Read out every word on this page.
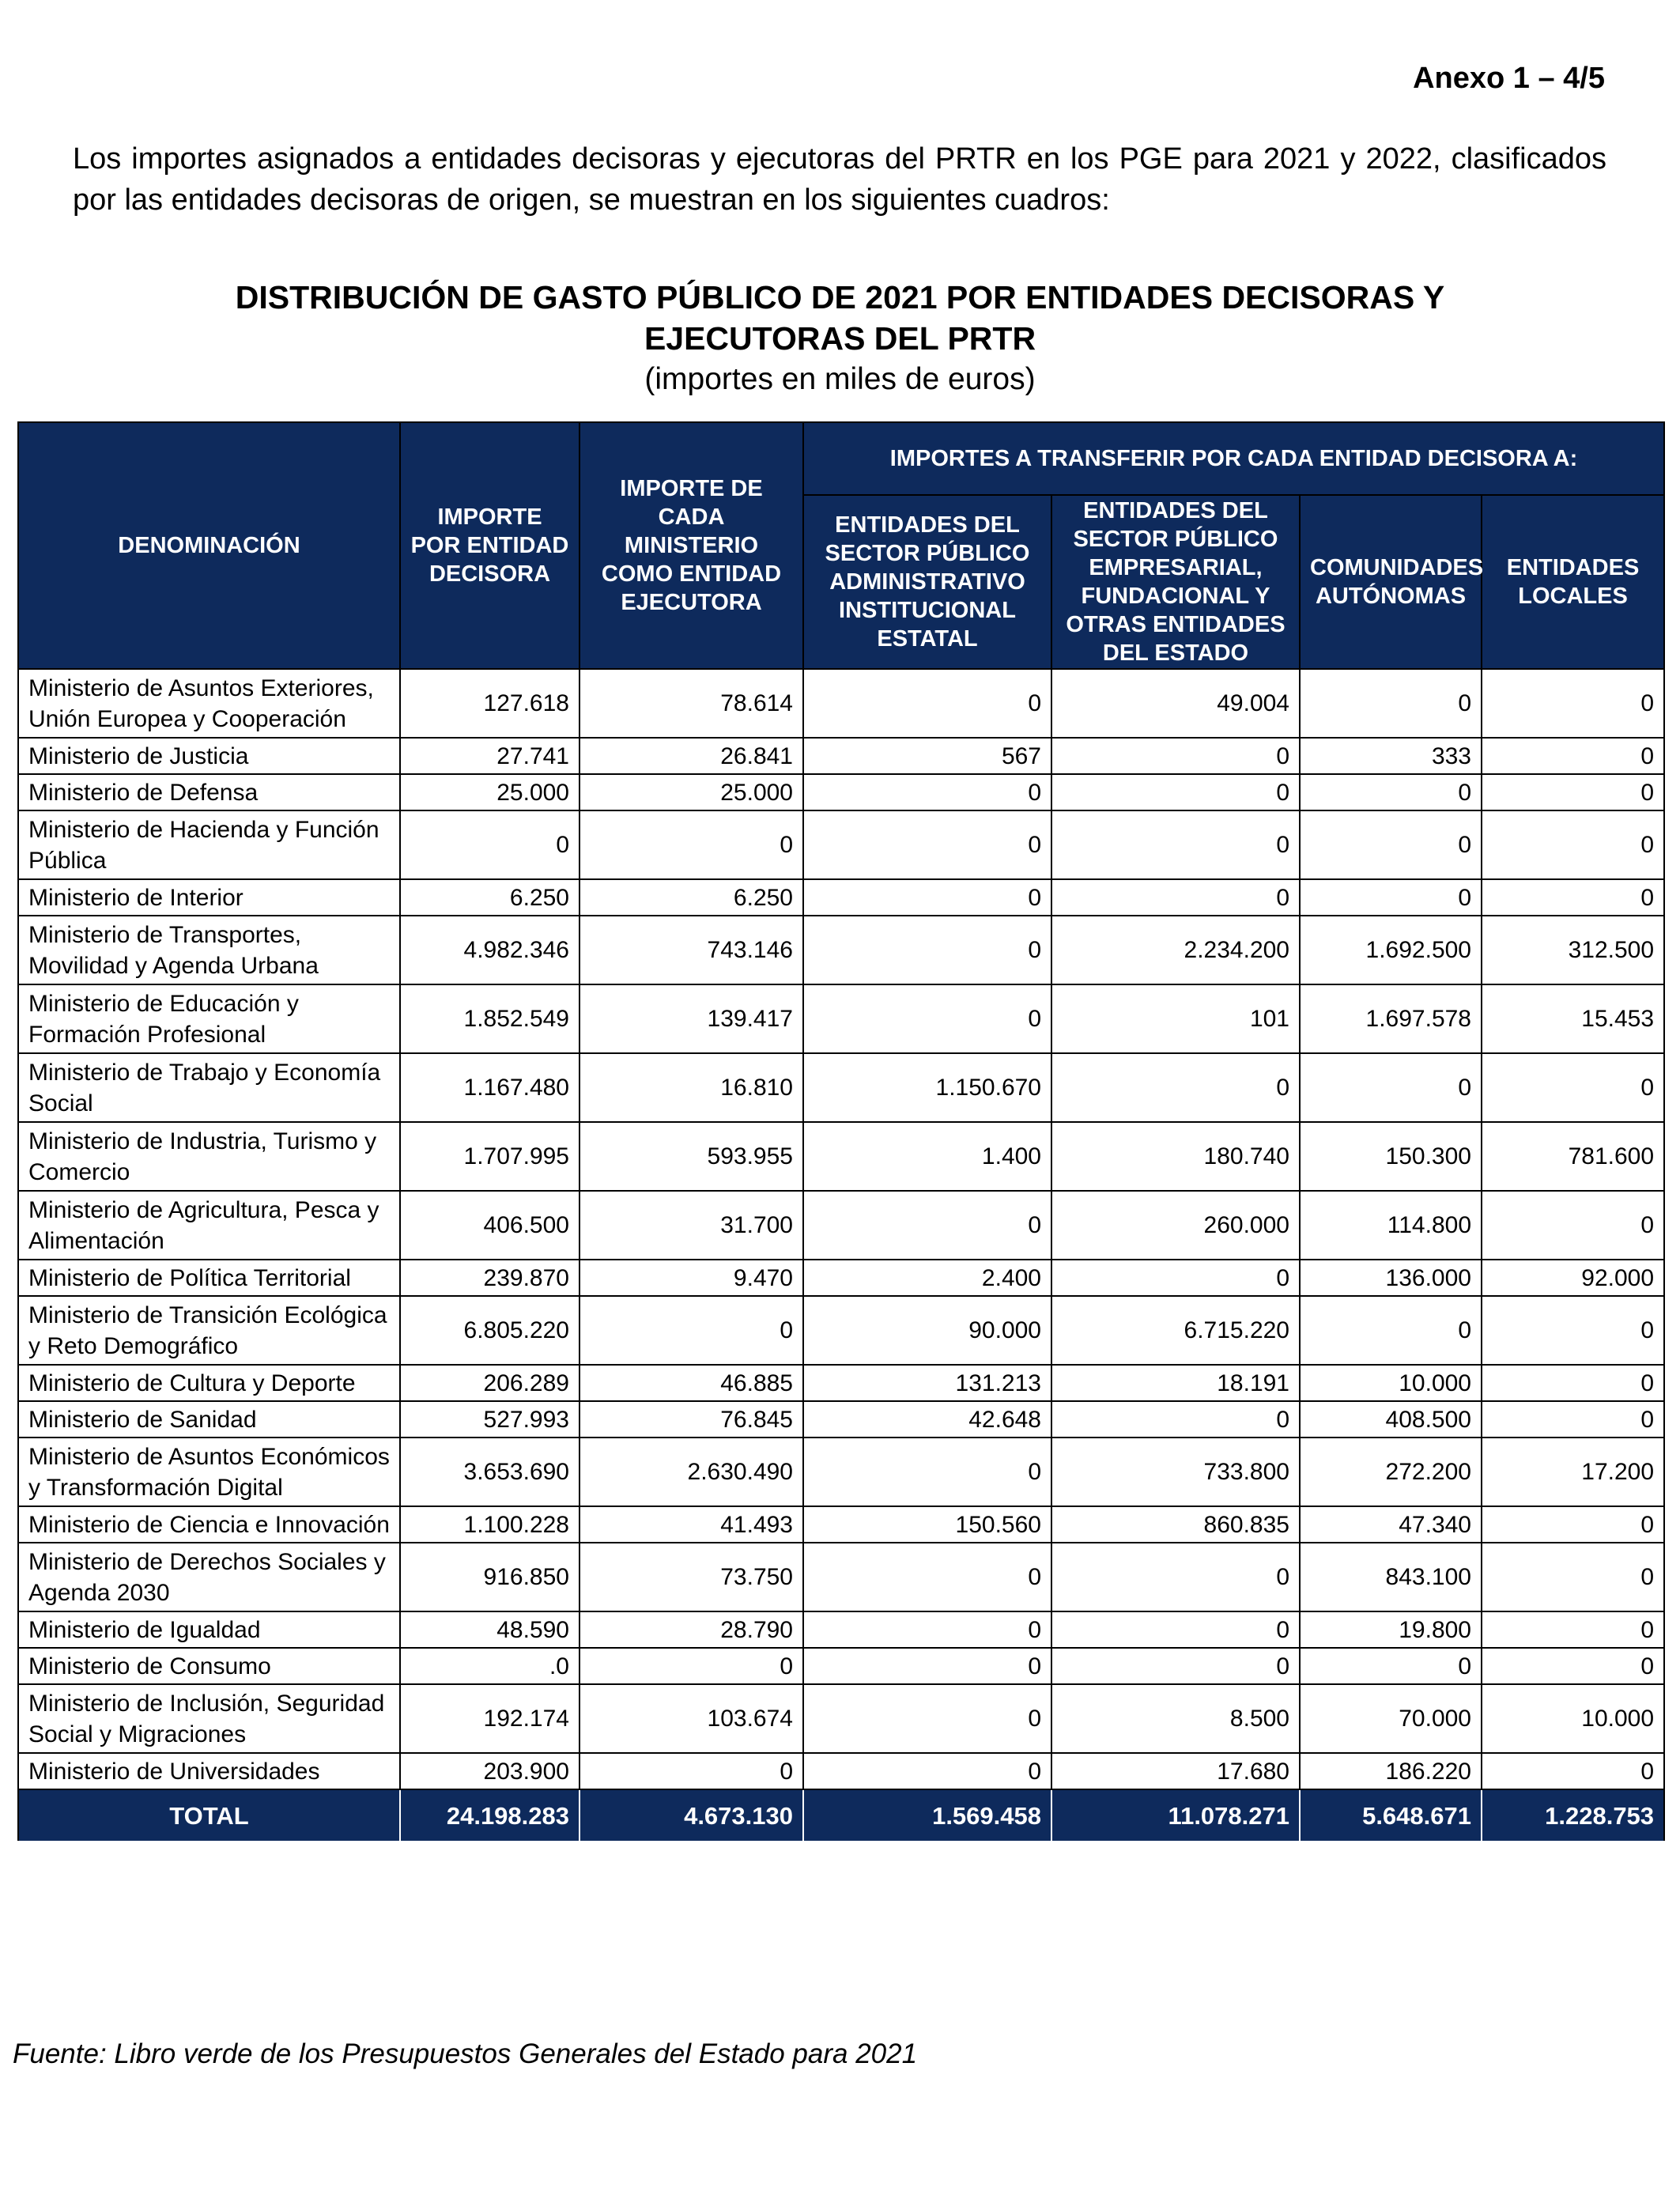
Anexo 1 – 4/5

Los importes asignados a entidades decisoras y ejecutoras del PRTR en los PGE para 2021 y 2022, clasificados por las entidades decisoras de origen, se muestran en los siguientes cuadros:

DISTRIBUCIÓN DE GASTO PÚBLICO DE 2021 POR ENTIDADES DECISORAS Y
EJECUTORAS DEL PRTR
(importes en miles de euros)
DENOMINACIÓN	IMPORTE POR ENTIDAD DECISORA	IMPORTE DE CADA MINISTERIO COMO ENTIDAD EJECUTORA	IMPORTES A TRANSFERIR POR CADA ENTIDAD DECISORA A:			
			ENTIDADES DEL SECTOR PÚBLICO ADMINISTRATIVO INSTITUCIONAL ESTATAL	ENTIDADES DEL SECTOR PÚBLICO EMPRESARIAL, FUNDACIONAL Y OTRAS ENTIDADES DEL ESTADO	COMUNIDADES AUTÓNOMAS	ENTIDADES LOCALES
Ministerio de Asuntos Exteriores, Unión Europea y Cooperación	127.618	78.614	0	49.004	0	0
Ministerio de Justicia	27.741	26.841	567	0	333	0
Ministerio de Defensa	25.000	25.000	0	0	0	0
Ministerio de Hacienda y Función Pública	0	0	0	0	0	0
Ministerio de Interior	6.250	6.250	0	0	0	0
Ministerio de Transportes, Movilidad y Agenda Urbana	4.982.346	743.146	0	2.234.200	1.692.500	312.500
Ministerio de Educación y Formación Profesional	1.852.549	139.417	0	101	1.697.578	15.453
Ministerio de Trabajo y Economía Social	1.167.480	16.810	1.150.670	0	0	0
Ministerio de Industria, Turismo y Comercio	1.707.995	593.955	1.400	180.740	150.300	781.600
Ministerio de Agricultura, Pesca y Alimentación	406.500	31.700	0	260.000	114.800	0
Ministerio de Política Territorial	239.870	9.470	2.400	0	136.000	92.000
Ministerio de Transición Ecológica y Reto Demográfico	6.805.220	0	90.000	6.715.220	0	0
Ministerio de Cultura y Deporte	206.289	46.885	131.213	18.191	10.000	0
Ministerio de Sanidad	527.993	76.845	42.648	0	408.500	0
Ministerio de Asuntos Económicos y Transformación Digital	3.653.690	2.630.490	0	733.800	272.200	17.200
Ministerio de Ciencia e Innovación	1.100.228	41.493	150.560	860.835	47.340	0
Ministerio de Derechos Sociales y Agenda 2030	916.850	73.750	0	0	843.100	0
Ministerio de Igualdad	48.590	28.790	0	0	19.800	0
Ministerio de Consumo	.0	0	0	0	0	0
Ministerio de Inclusión, Seguridad Social y Migraciones	192.174	103.674	0	8.500	70.000	10.000
Ministerio de Universidades	203.900	0	0	17.680	186.220	0
TOTAL	24.198.283	4.673.130	1.569.458	11.078.271	5.648.671	1.228.753
Fuente: Libro verde de los Presupuestos Generales del Estado para 2021
